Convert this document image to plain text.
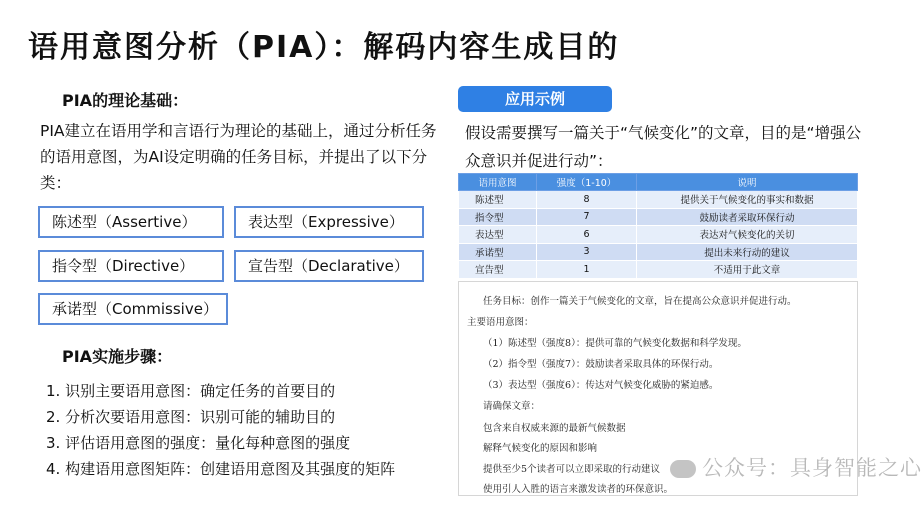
语用意图分析（PIA）：解码内容生成目的
PIA的理论基础：
PIA建立在语用学和言语行为理论的基础上，通过分析任务的语用意图，为AI设定明确的任务目标，并提出了以下分类：
陈述型（Assertive）	表达型（Expressive）
指令型（Directive）	宣告型（Declarative）
承诺型（Commissive）
PIA实施步骤：
1. 识别主要语用意图：确定任务的首要目的
2. 分析次要语用意图：识别可能的辅助目的
3. 评估语用意图的强度：量化每种意图的强度
4. 构建语用意图矩阵：创建语用意图及其强度的矩阵
应用示例
假设需要撰写一篇关于“气候变化”的文章，目的是“增强公众意识并促进行动”：
语用意图	强度（1-10）	说明
陈述型	8	提供关于气候变化的事实和数据
指令型	7	鼓励读者采取环保行动
表达型	6	表达对气候变化的关切
承诺型	3	提出未来行动的建议
宣告型	1	不适用于此文章
任务目标：创作一篇关于气候变化的文章，旨在提高公众意识并促进行动。
主要语用意图：
（1）陈述型（强度8）：提供可靠的气候变化数据和科学发现。
（2）指令型（强度7）：鼓励读者采取具体的环保行动。
（3）表达型（强度6）：传达对气候变化威胁的紧迫感。
请确保文章：
包含来自权威来源的最新气候数据
解释气候变化的原因和影响
提供至少5个读者可以立即采取的行动建议
使用引人入胜的语言来激发读者的环保意识。
公众号：具身智能之心
